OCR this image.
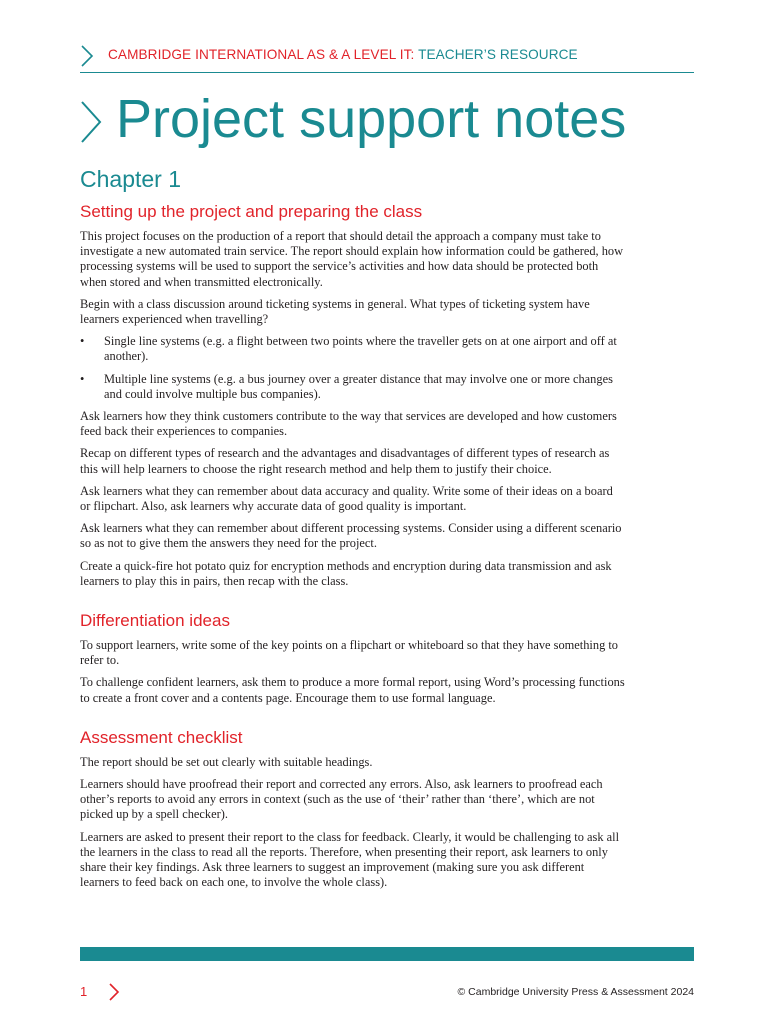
CAMBRIDGE INTERNATIONAL AS & A LEVEL IT: TEACHER’S RESOURCE
Project support notes
Chapter 1
Setting up the project and preparing the class

This project focuses on the production of a report that should detail the approach a company must take to investigate a new automated train service. The report should explain how information could be gathered, how processing systems will be used to support the service’s activities and how data should be protected both when stored and when transmitted electronically.

Begin with a class discussion around ticketing systems in general. What types of ticketing system have learners experienced when travelling?

• Single line systems (e.g. a flight between two points where the traveller gets on at one airport and off at another).
• Multiple line systems (e.g. a bus journey over a greater distance that may involve one or more changes and could involve multiple bus companies).

Ask learners how they think customers contribute to the way that services are developed and how customers feed back their experiences to companies.

Recap on different types of research and the advantages and disadvantages of different types of research as this will help learners to choose the right research method and help them to justify their choice.

Ask learners what they can remember about data accuracy and quality. Write some of their ideas on a board or flipchart. Also, ask learners why accurate data of good quality is important.

Ask learners what they can remember about different processing systems. Consider using a different scenario so as not to give them the answers they need for the project.

Create a quick-fire hot potato quiz for encryption methods and encryption during data transmission and ask learners to play this in pairs, then recap with the class.

Differentiation ideas

To support learners, write some of the key points on a flipchart or whiteboard so that they have something to refer to.

To challenge confident learners, ask them to produce a more formal report, using Word’s processing functions to create a front cover and a contents page. Encourage them to use formal language.

Assessment checklist

The report should be set out clearly with suitable headings.

Learners should have proofread their report and corrected any errors. Also, ask learners to proofread each other’s reports to avoid any errors in context (such as the use of ‘their’ rather than ‘there’, which are not picked up by a spell checker).

Learners are asked to present their report to the class for feedback. Clearly, it would be challenging to ask all the learners in the class to read all the reports. Therefore, when presenting their report, ask learners to only share their key findings. Ask three learners to suggest an improvement (making sure you ask different learners to feed back on each one, to involve the whole class).

1	© Cambridge University Press & Assessment 2024
